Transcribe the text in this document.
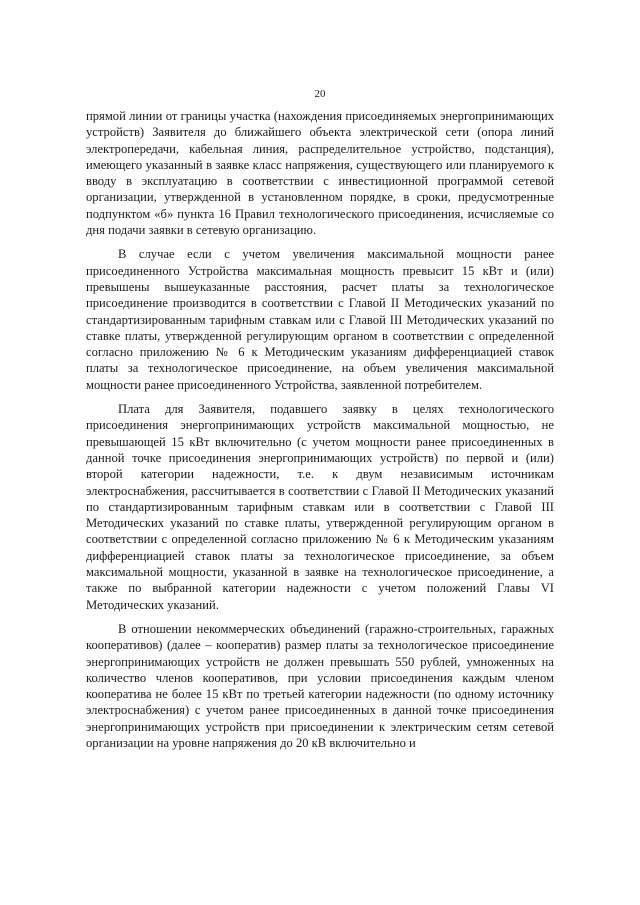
20

прямой линии от границы участка (нахождения присоединяемых энергопринимающих устройств) Заявителя до ближайшего объекта электрической сети (опора линий электропередачи, кабельная линия, распределительное устройство, подстанция), имеющего указанный в заявке класс напряжения, существующего или планируемого к вводу в эксплуатацию в соответствии с инвестиционной программой сетевой организации, утвержденной в установленном порядке, в сроки, предусмотренные подпунктом «б» пункта 16 Правил технологического присоединения, исчисляемые со дня подачи заявки в сетевую организацию.

В случае если с учетом увеличения максимальной мощности ранее присоединенного Устройства максимальная мощность превысит 15 кВт и (или) превышены вышеуказанные расстояния, расчет платы за технологическое присоединение производится в соответствии с Главой II Методических указаний по стандартизированным тарифным ставкам или с Главой III Методических указаний по ставке платы, утвержденной регулирующим органом в соответствии с определенной согласно приложению № 6 к Методическим указаниям дифференциацией ставок платы за технологическое присоединение, на объем увеличения максимальной мощности ранее присоединенного Устройства, заявленной потребителем.

Плата для Заявителя, подавшего заявку в целях технологического присоединения энергопринимающих устройств максимальной мощностью, не превышающей 15 кВт включительно (с учетом мощности ранее присоединенных в данной точке присоединения энергопринимающих устройств) по первой и (или) второй категории надежности, т.е. к двум независимым источникам электроснабжения, рассчитывается в соответствии с Главой II Методических указаний по стандартизированным тарифным ставкам или в соответствии с Главой III Методических указаний по ставке платы, утвержденной регулирующим органом в соответствии с определенной согласно приложению № 6 к Методическим указаниям дифференциацией ставок платы за технологическое присоединение, за объем максимальной мощности, указанной в заявке на технологическое присоединение, а также по выбранной категории надежности с учетом положений Главы VI Методических указаний.

В отношении некоммерческих объединений (гаражно-строительных, гаражных кооперативов) (далее – кооператив) размер платы за технологическое присоединение энергопринимающих устройств не должен превышать 550 рублей, умноженных на количество членов кооперативов, при условии присоединения каждым членом кооператива не более 15 кВт по третьей категории надежности (по одному источнику электроснабжения) с учетом ранее присоединенных в данной точке присоединения энергопринимающих устройств при присоединении к электрическим сетям сетевой организации на уровне напряжения до 20 кВ включительно и
